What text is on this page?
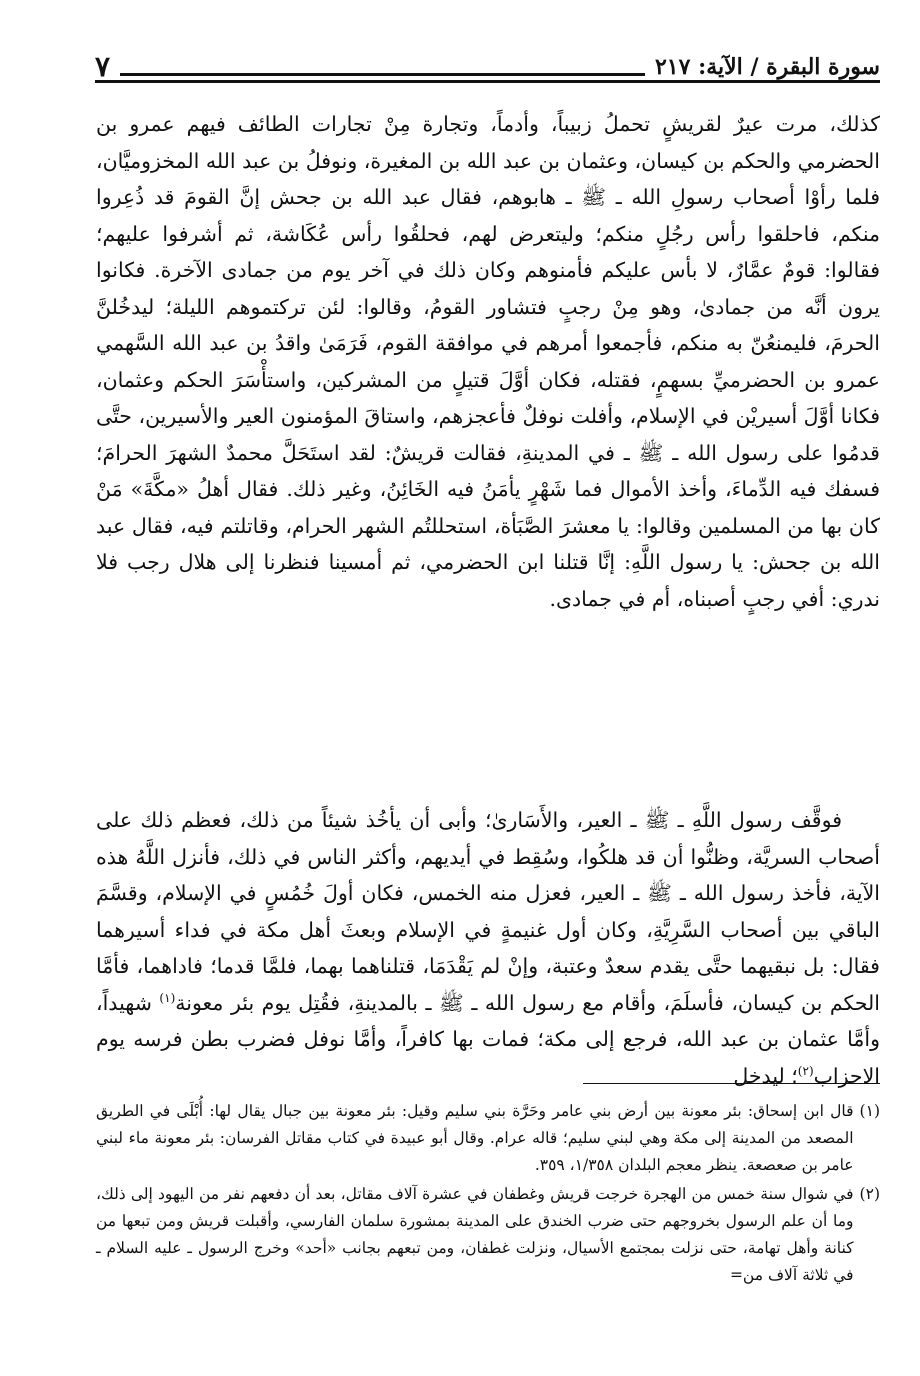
سورة البقرة / الآية: ٢١٧
٧

كذلك، مرت عيرٌ لقريشٍ تحملُ زبيباً، وأدماً، وتجارة مِنْ تجارات الطائف فيهم عمرو بن الحضرمي والحكم بن كيسان، وعثمان بن عبد الله بن المغيرة، ونوفلُ بن عبد الله المخزوميَّان، فلما رأوْا أصحاب رسولِ الله ـ ﷺ ـ هابوهم، فقال عبد الله بن جحش إنَّ القومَ قد ذُعِروا منكم، فاحلقوا رأس رجُلٍ منكم؛ وليتعرض لهم، فحلقُوا رأس عُكَاشة، ثم أشرفوا عليهم؛ فقالوا: قومٌ عمَّارٌ، لا بأس عليكم فأمنوهم وكان ذلك في آخر يوم من جمادى الآخرة. فكانوا يرون أنَّه من جمادىٰ، وهو مِنْ رجبٍ فتشاور القومُ، وقالوا: لئن تركتموهم الليلة؛ ليدخُلنَّ الحرمَ، فليمنعُنّ به منكم، فأجمعوا أمرهم في موافقة القوم، فَرَمَىٰ واقدُ بن عبد الله السَّهمي عمرو بن الحضرميِّ بسهمٍ، فقتله، فكان أوَّلَ قتيلٍ من المشركين، واستأْسَرَ الحكم وعثمان، فكانا أوَّلَ أسيريْن في الإسلام، وأفلت نوفلٌ فأعجزهم، واستاقَ المؤمنون العير والأسيرين، حتَّى قدمُوا على رسول الله ـ ﷺ ـ في المدينةِ، فقالت قريشٌ: لقد استَحَلَّ محمدٌ الشهرَ الحرامَ؛ فسفك فيه الدِّماءَ، وأخذ الأموال فما شَهْرٍ يأمَنُ فيه الخَائِنُ، وغير ذلك. فقال أهلُ «مكَّةَ» مَنْ كان بها من المسلمين وقالوا: يا معشرَ الصَّبَأة، استحللتُم الشهر الحرام، وقاتلتم فيه، فقال عبد الله بن جحش: يا رسول اللَّهِ: إنَّا قتلنا ابن الحضرمي، ثم أمسينا فنظرنا إلى هلال رجب فلا ندري: أفي رجبٍ أصبناه، أم في جمادى.

فوقَّف رسول اللَّهِ ـ ﷺ ـ العير، والأَسَارىٰ؛ وأبى أن يأخُذ شيئاً من ذلك، فعظم ذلك على أصحاب السريَّة، وظنُّوا أن قد هلكُوا، وسُقِط في أيديهم، وأكثر الناس في ذلك، فأنزل اللَّهُ هذه الآية، فأخذ رسول الله ـ ﷺ ـ العير، فعزل منه الخمس، فكان أولَ خُمُسٍ في الإسلام، وقسَّمَ الباقي بين أصحاب السَّرِيَّةِ، وكان أول غنيمةٍ في الإسلام وبعثَ أهل مكة في فداء أسيرهما فقال: بل نبقيهما حتَّى يقدم سعدٌ وعتبة، وإنْ لم يَقْدَمَا، قتلناهما بهما، فلمَّا قدما؛ فاداهما، فأمَّا الحكم بن كيسان، فأسلَمَ، وأقام مع رسول الله ـ ﷺ ـ بالمدينةِ، فقُتِل يوم بئر معونة$^{(١)}$ شهيداً، وأمَّا عثمان بن عبد الله، فرجع إلى مكة؛ فمات بها كافراً، وأمَّا نوفل فضرب بطن فرسه يوم الاحزاب$^{(٢)}$؛ ليدخل

(١)
قال ابن إسحاق: بئر معونة بين أرض بني عامر وحَرَّة بني سليم وقيل: بئر معونة بين جبال يقال لها: أُبْلَى في الطريق المصعد من المدينة إلى مكة وهي لبني سليم؛ قاله عرام. وقال أبو عبيدة في كتاب مقاتل الفرسان: بئر معونة ماء لبني عامر بن صعصعة. ينظر معجم البلدان ١/٣٥٨، ٣٥٩.
(٢)
في شوال سنة خمس من الهجرة خرجت قريش وغطفان في عشرة آلاف مقاتل، بعد أن دفعهم نفر من اليهود إلى ذلك، وما أن علم الرسول بخروجهم حتى ضرب الخندق على المدينة بمشورة سلمان الفارسي، وأقبلت قريش ومن تبعها من كنانة وأهل تهامة، حتى نزلت بمجتمع الأسيال، ونزلت غطفان، ومن تبعهم بجانب «أحد» وخرج الرسول ـ عليه السلام ـ في ثلاثة آلاف من=
